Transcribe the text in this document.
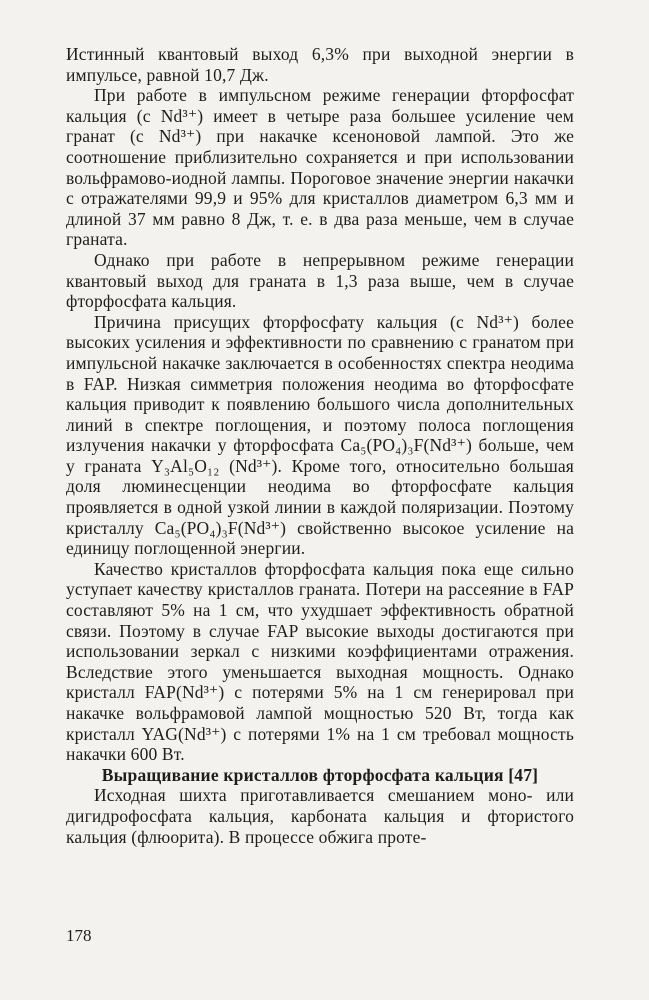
Истинный квантовый выход 6,3% при выходной энергии в импульсе, равной 10,7 Дж.

При работе в импульсном режиме генерации фторфосфат кальция (с Nd³⁺) имеет в четыре раза большее усиление чем гранат (с Nd³⁺) при накачке ксеноновой лампой. Это же соотношение приблизительно сохраняется и при использовании вольфрамово-иодной лампы. Пороговое значение энергии накачки с отражателями 99,9 и 95% для кристаллов диаметром 6,3 мм и длиной 37 мм равно 8 Дж, т. е. в два раза меньше, чем в случае граната.

Однако при работе в непрерывном режиме генерации квантовый выход для граната в 1,3 раза выше, чем в случае фторфосфата кальция.

Причина присущих фторфосфату кальция (с Nd³⁺) более высоких усиления и эффективности по сравнению с гранатом при импульсной накачке заключается в особенностях спектра неодима в FAP. Низкая симметрия положения неодима во фторфосфате кальция приводит к появлению большого числа дополнительных линий в спектре поглощения, и поэтому полоса поглощения излучения накачки у фторфосфата Ca₅(PO₄)₃F(Nd³⁺) больше, чем у граната Y₃Al₅O₁₂ (Nd³⁺). Кроме того, относительно большая доля люминесценции неодима во фторфосфате кальция проявляется в одной узкой линии в каждой поляризации. Поэтому кристаллу Ca₅(PO₄)₃F(Nd³⁺) свойственно высокое усиление на единицу поглощенной энергии.

Качество кристаллов фторфосфата кальция пока еще сильно уступает качеству кристаллов граната. Потери на рассеяние в FAP составляют 5% на 1 см, что ухудшает эффективность обратной связи. Поэтому в случае FAP высокие выходы достигаются при использовании зеркал с низкими коэффициентами отражения. Вследствие этого уменьшается выходная мощность. Однако кристалл FAP(Nd³⁺) с потерями 5% на 1 см генерировал при накачке вольфрамовой лампой мощностью 520 Вт, тогда как кристалл YAG(Nd³⁺) с потерями 1% на 1 см требовал мощность накачки 600 Вт.

Выращивание кристаллов фторфосфата кальция [47]

Исходная шихта приготавливается смешанием моно- или дигидрофосфата кальция, карбоната кальция и фтористого кальция (флюорита). В процессе обжига проте-

178
